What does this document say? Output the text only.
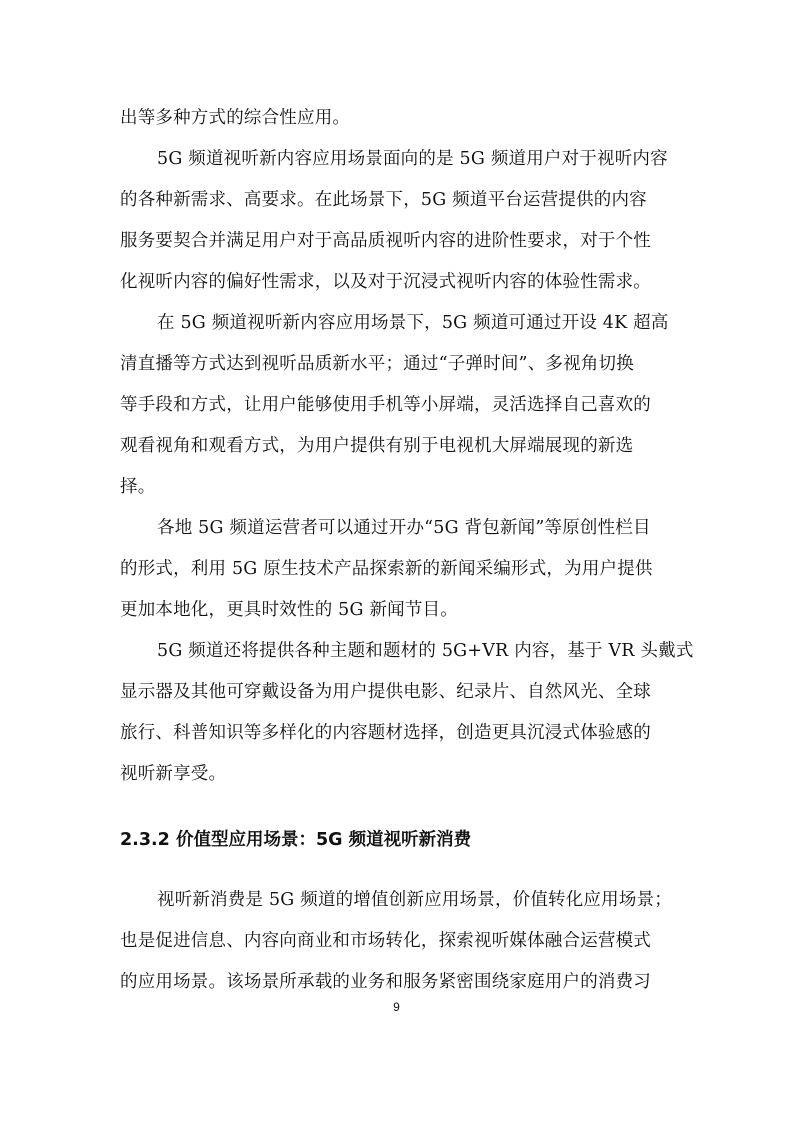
出等多种方式的综合性应用。
5G 频道视听新内容应用场景面向的是 5G 频道用户对于视听内容
的各种新需求、高要求。在此场景下，5G 频道平台运营提供的内容
服务要契合并满足用户对于高品质视听内容的进阶性要求，对于个性
化视听内容的偏好性需求，以及对于沉浸式视听内容的体验性需求。
在 5G 频道视听新内容应用场景下，5G 频道可通过开设 4K 超高
清直播等方式达到视听品质新水平；通过“子弹时间”、多视角切换
等手段和方式，让用户能够使用手机等小屏端，灵活选择自己喜欢的
观看视角和观看方式，为用户提供有别于电视机大屏端展现的新选
择。
各地 5G 频道运营者可以通过开办“5G 背包新闻”等原创性栏目
的形式，利用 5G 原生技术产品探索新的新闻采编形式，为用户提供
更加本地化，更具时效性的 5G 新闻节目。
5G 频道还将提供各种主题和题材的 5G+VR 内容，基于 VR 头戴式
显示器及其他可穿戴设备为用户提供电影、纪录片、自然风光、全球
旅行、科普知识等多样化的内容题材选择，创造更具沉浸式体验感的
视听新享受。
2.3.2 价值型应用场景：5G 频道视听新消费
视听新消费是 5G 频道的增值创新应用场景，价值转化应用场景；
也是促进信息、内容向商业和市场转化，探索视听媒体融合运营模式
的应用场景。该场景所承载的业务和服务紧密围绕家庭用户的消费习
9
